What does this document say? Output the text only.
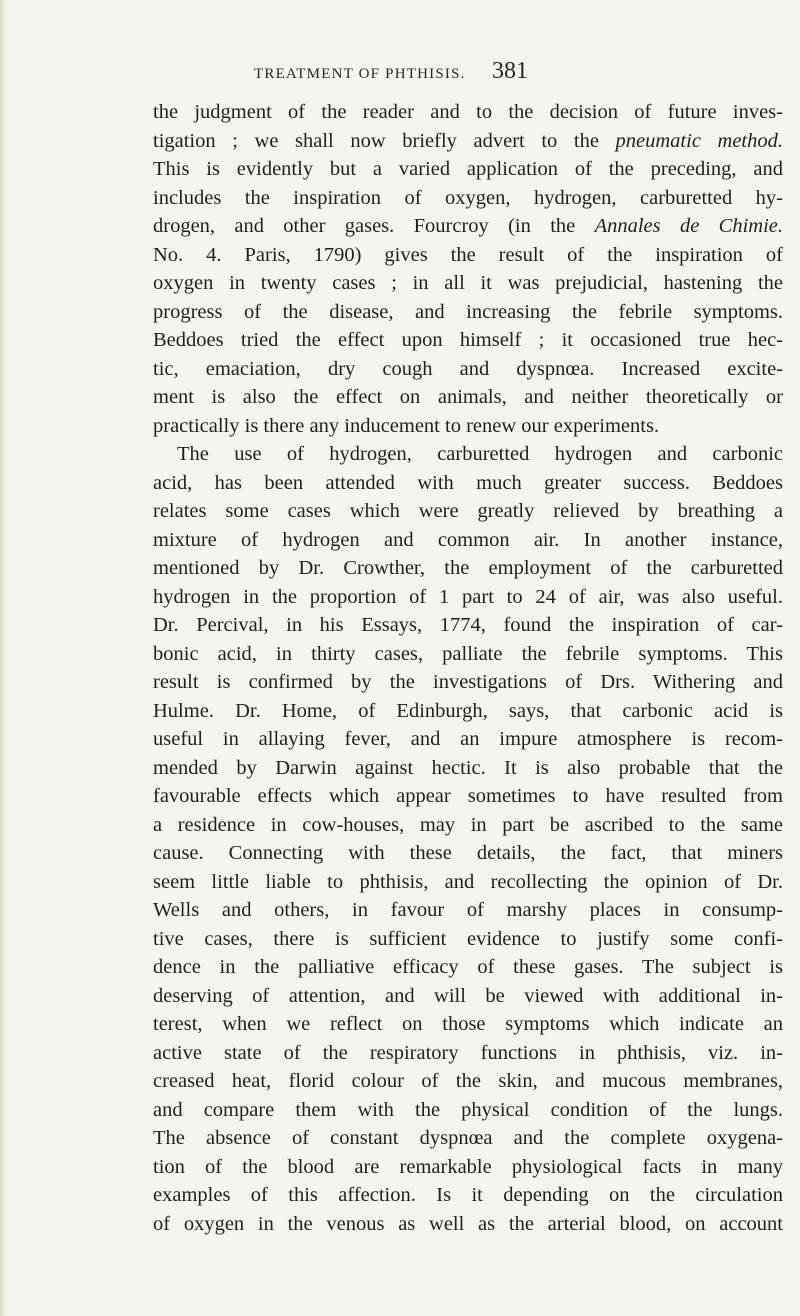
TREATMENT OF PHTHISIS. 381
the judgment of the reader and to the decision of future inves-
tigation ; we shall now briefly advert to the pneumatic method.
This is evidently but a varied application of the preceding, and
includes the inspiration of oxygen, hydrogen, carburetted hy-
drogen, and other gases. Fourcroy (in the Annales de Chimie.
No. 4. Paris, 1790) gives the result of the inspiration of
oxygen in twenty cases ; in all it was prejudicial, hastening the
progress of the disease, and increasing the febrile symptoms.
Beddoes tried the effect upon himself ; it occasioned true hec-
tic, emaciation, dry cough and dyspnœa. Increased excite-
ment is also the effect on animals, and neither theoretically or
practically is there any inducement to renew our experiments.
The use of hydrogen, carburetted hydrogen and carbonic
acid, has been attended with much greater success. Beddoes
relates some cases which were greatly relieved by breathing a
mixture of hydrogen and common air. In another instance,
mentioned by Dr. Crowther, the employment of the carburetted
hydrogen in the proportion of 1 part to 24 of air, was also useful.
Dr. Percival, in his Essays, 1774, found the inspiration of car-
bonic acid, in thirty cases, palliate the febrile symptoms. This
result is confirmed by the investigations of Drs. Withering and
Hulme. Dr. Home, of Edinburgh, says, that carbonic acid is
useful in allaying fever, and an impure atmosphere is recom-
mended by Darwin against hectic. It is also probable that the
favourable effects which appear sometimes to have resulted from
a residence in cow-houses, may in part be ascribed to the same
cause. Connecting with these details, the fact, that miners
seem little liable to phthisis, and recollecting the opinion of Dr.
Wells and others, in favour of marshy places in consump-
tive cases, there is sufficient evidence to justify some confi-
dence in the palliative efficacy of these gases. The subject is
deserving of attention, and will be viewed with additional in-
terest, when we reflect on those symptoms which indicate an
active state of the respiratory functions in phthisis, viz. in-
creased heat, florid colour of the skin, and mucous membranes,
and compare them with the physical condition of the lungs.
The absence of constant dyspnœa and the complete oxygena-
tion of the blood are remarkable physiological facts in many
examples of this affection. Is it depending on the circulation
of oxygen in the venous as well as the arterial blood, on account
